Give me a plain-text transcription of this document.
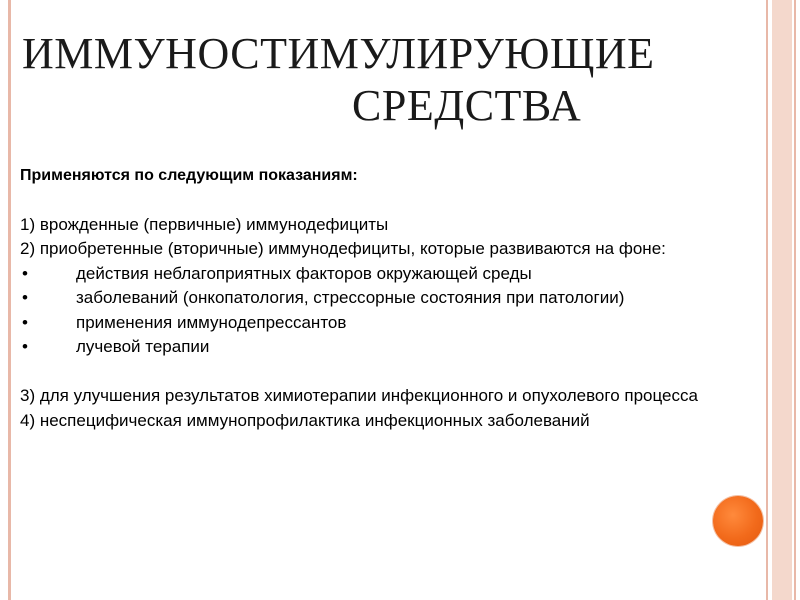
ИММУНОСТИМУЛИРУЮЩИЕ
СРЕДСТВА
Применяются по следующим показаниям:
1) врожденные (первичные) иммунодефициты
2) приобретенные (вторичные) иммунодефициты, которые развиваются на фоне:
•	действия неблагоприятных факторов окружающей среды
•	заболеваний (онкопатология, стрессорные состояния при патологии)
•	применения иммунодепрессантов
•	лучевой терапии
3) для улучшения результатов химиотерапии инфекционного и опухолевого процесса
4) неспецифическая иммунопрофилактика инфекционных заболеваний
